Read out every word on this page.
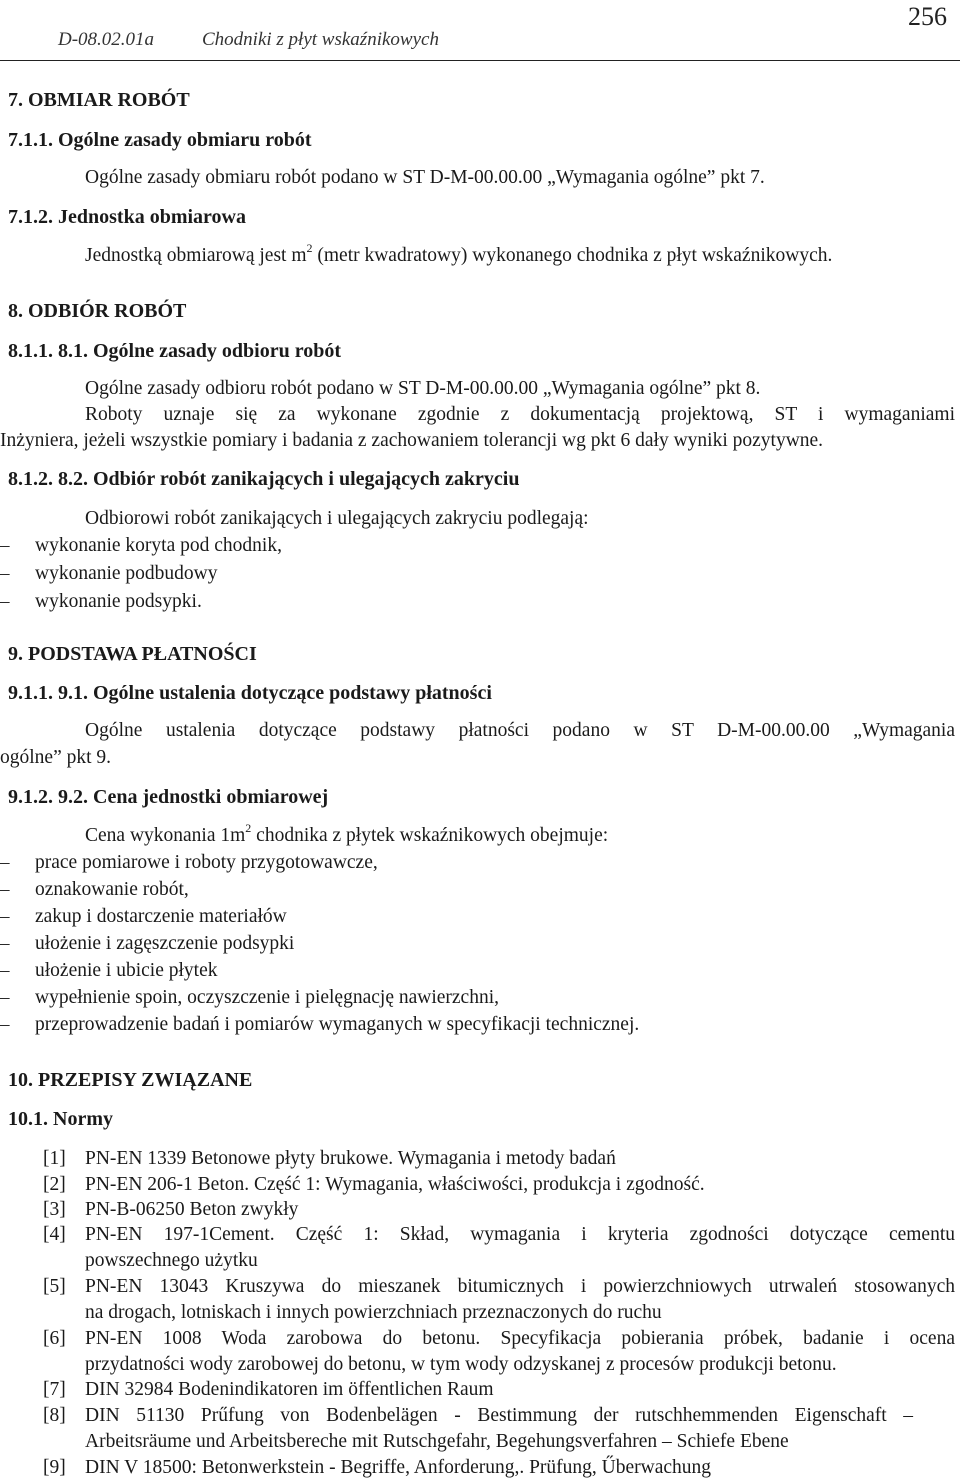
D-08.02.01a	Chodniki z płyt wskaźnikowych
256
7. OBMIAR ROBÓT
7.1.1. Ogólne zasady obmiaru robót
Ogólne zasady obmiaru robót podano w ST D-M-00.00.00 „Wymagania ogólne” pkt 7.
7.1.2. Jednostka obmiarowa
Jednostką obmiarową jest $m^2$ (metr kwadratowy) wykonanego chodnika z płyt wskaźnikowych.
8. ODBIÓR ROBÓT
8.1.1. 8.1. Ogólne zasady odbioru robót
Ogólne zasady odbioru robót podano w ST D-M-00.00.00 „Wymagania ogólne” pkt 8.
Roboty uznaje się za wykonane zgodnie z dokumentacją projektową, ST i wymaganiami
Inżyniera, jeżeli wszystkie pomiary i badania z zachowaniem tolerancji wg pkt 6 dały wyniki pozytywne.
8.1.2. 8.2. Odbiór robót zanikających i ulegających zakryciu
Odbiorowi robót zanikających i ulegających zakryciu podlegają:
– wykonanie koryta pod chodnik,
– wykonanie podbudowy
– wykonanie podsypki.
9. PODSTAWA PŁATNOŚCI
9.1.1. 9.1. Ogólne ustalenia dotyczące podstawy płatności
Ogólne ustalenia dotyczące podstawy płatności podano w ST D-M-00.00.00 „Wymagania
ogólne” pkt 9.
9.1.2. 9.2. Cena jednostki obmiarowej
Cena wykonania $1m^2$ chodnika z płytek wskaźnikowych obejmuje:
– prace pomiarowe i roboty przygotowawcze,
– oznakowanie robót,
– zakup i dostarczenie materiałów
– ułożenie i zagęszczenie podsypki
– ułożenie i ubicie płytek
– wypełnienie spoin, oczyszczenie i pielęgnację nawierzchni,
– przeprowadzenie badań i pomiarów wymaganych w specyfikacji technicznej.
10. PRZEPISY ZWIĄZANE
10.1. Normy
[1] PN-EN 1339 Betonowe płyty brukowe. Wymagania i metody badań
[2] PN-EN 206-1 Beton. Część 1: Wymagania, właściwości, produkcja i zgodność.
[3] PN-B-06250 Beton zwykły
[4] PN-EN 197-1Cement. Część 1: Skład, wymagania i kryteria zgodności dotyczące cementu
powszechnego użytku
[5] PN-EN 13043 Kruszywa do mieszanek bitumicznych i powierzchniowych utrwaleń stosowanych
na drogach, lotniskach i innych powierzchniach przeznaczonych do ruchu
[6] PN-EN 1008 Woda zarobowa do betonu. Specyfikacja pobierania próbek, badanie i ocena
przydatności wody zarobowej do betonu, w tym wody odzyskanej z procesów produkcji betonu.
[7] DIN 32984 Bodenindikatoren im öffentlichen Raum
[8] DIN 51130 Prűfung von Bodenbelägen - Bestimmung der rutschhemmenden Eigenschaft –
Arbeitsräume und Arbeitsbereche mit Rutschgefahr, Begehungsverfahren – Schiefe Ebene
[9] DIN V 18500: Betonwerkstein - Begriffe, Anforderung,. Prüfung, Űberwachung
